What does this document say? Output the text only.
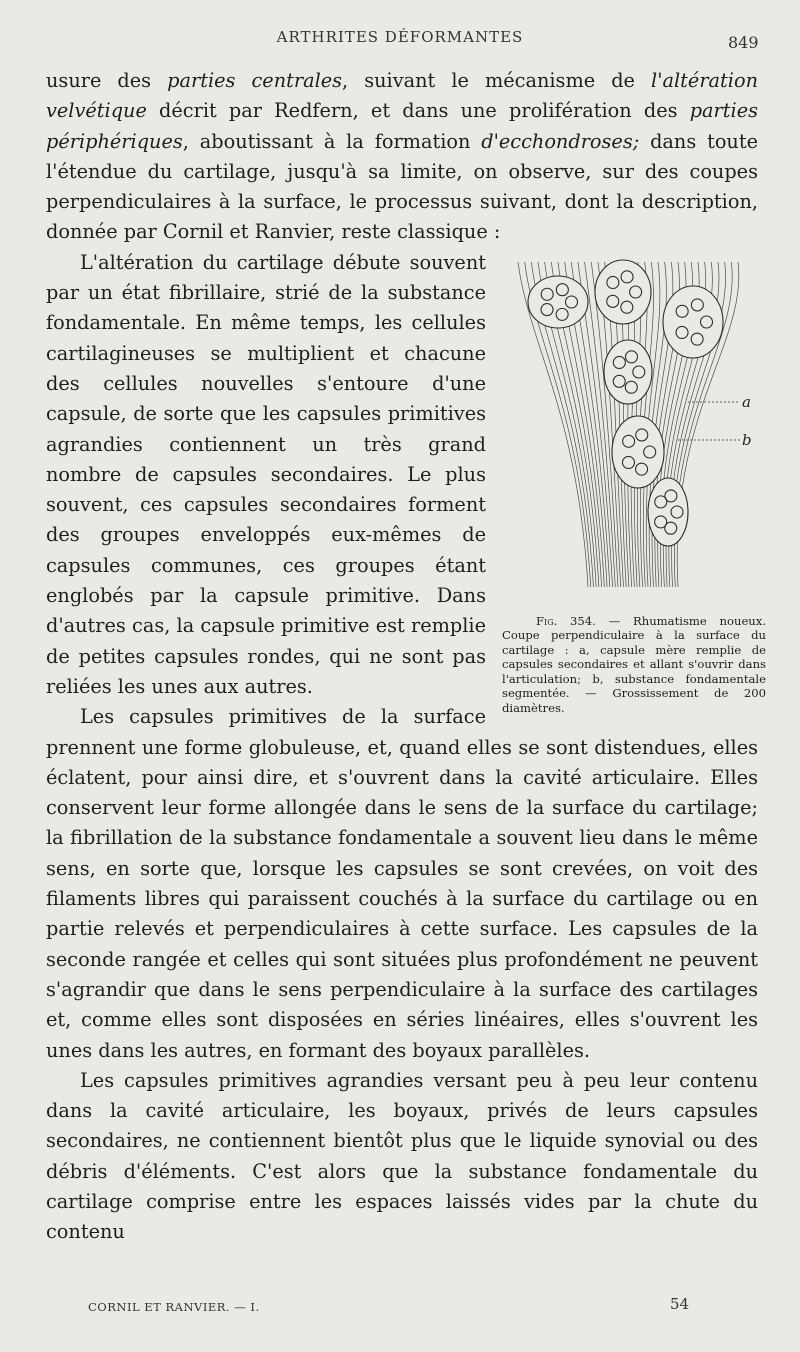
ARTHRITES DÉFORMANTES	849

usure des parties centrales, suivant le mécanisme de l'altération velvétique décrit par Redfern, et dans une prolifération des parties périphériques, aboutissant à la formation d'ecchondroses; dans toute l'étendue du cartilage, jusqu'à sa limite, on observe, sur des coupes perpendiculaires à la surface, le processus suivant, dont la description, donnée par Cornil et Ranvier, reste classique :

a
b
Fig. 354. — Rhumatisme noueux. Coupe perpendiculaire à la surface du cartilage : a, capsule mère remplie de capsules secondaires et allant s'ouvrir dans l'articulation; b, substance fondamentale segmentée. — Grossissement de 200 diamètres.
L'altération du cartilage débute souvent par un état fibrillaire, strié de la substance fondamentale. En même temps, les cellules cartilagineuses se multiplient et chacune des cellules nouvelles s'entoure d'une capsule, de sorte que les capsules primitives agrandies contiennent un très grand nombre de capsules secondaires. Le plus souvent, ces capsules secondaires forment des groupes enveloppés eux-mêmes de capsules communes, ces groupes étant englobés par la capsule primitive. Dans d'autres cas, la capsule primitive est remplie de petites capsules rondes, qui ne sont pas reliées les unes aux autres.

Les capsules primitives de la surface prennent une forme globuleuse, et, quand elles se sont distendues, elles éclatent, pour ainsi dire, et s'ouvrent dans la cavité articulaire. Elles conservent leur forme allongée dans le sens de la surface du cartilage; la fibrillation de la substance fondamentale a souvent lieu dans le même sens, en sorte que, lorsque les capsules se sont crevées, on voit des filaments libres qui paraissent couchés à la surface du cartilage ou en partie relevés et perpendiculaires à cette surface. Les capsules de la seconde rangée et celles qui sont situées plus profondément ne peuvent s'agrandir que dans le sens perpendiculaire à la surface des cartilages et, comme elles sont disposées en séries linéaires, elles s'ouvrent les unes dans les autres, en formant des boyaux parallèles.

Les capsules primitives agrandies versant peu à peu leur contenu dans la cavité articulaire, les boyaux, privés de leurs capsules secondaires, ne contiennent bientôt plus que le liquide synovial ou des débris d'éléments. C'est alors que la substance fondamentale du cartilage comprise entre les espaces laissés vides par la chute du contenu

CORNIL ET RANVIER. — I.	54
